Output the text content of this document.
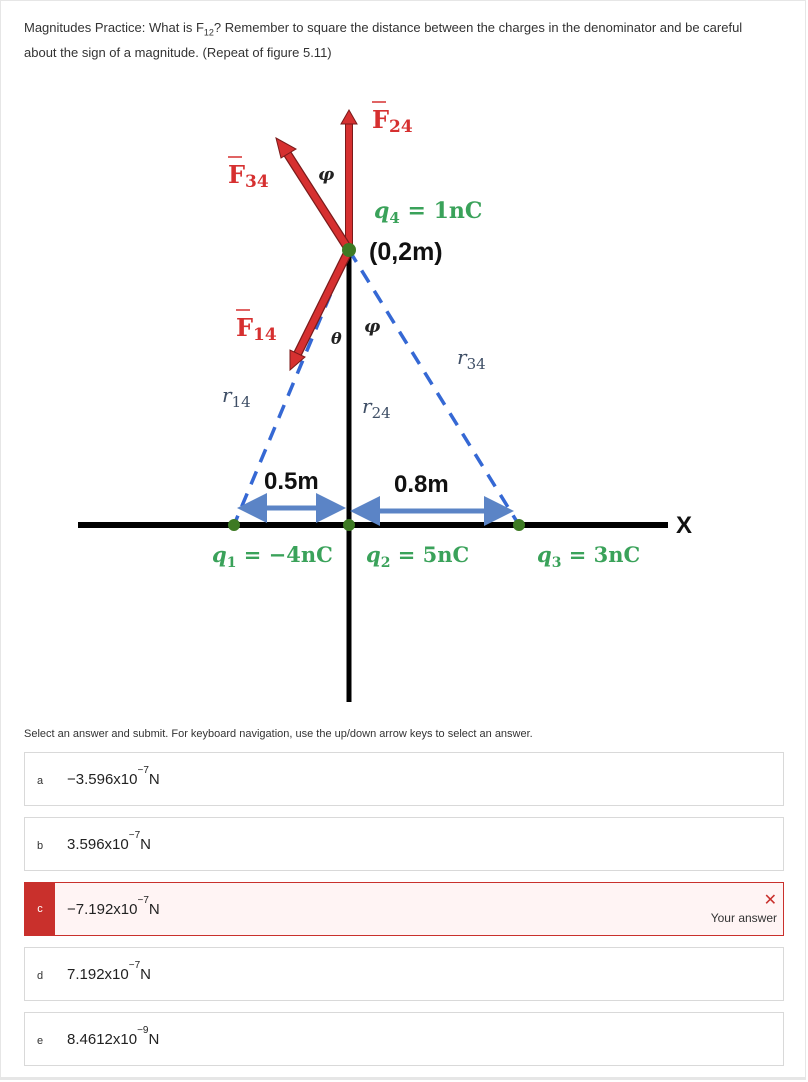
Magnitudes Practice: What is $F_{12}$? Remember to square the distance between the charges in the denominator and be careful
about the sign of a magnitude. (Repeat of figure 5.11)
F24
F34
F14
φ
φ
θ
$q_4 = 1nC$
(0,2m)
$r_{14}$	$r_{24}$
$r_{34}$
0.5m	0.8m
X
$q_1 = -4nC$ $q_2 = 5nC$	$q_3 = 3nC$
Select an answer and submit. For keyboard navigation, use the up/down arrow keys to select an answer.
a	−3.596x10
−7
N
b	3.596x10
−7
N
c	−7.192x10
−7
N	✕
Your answer
d	7.192x10
−7
N
e	8.4612x10
−9
N
